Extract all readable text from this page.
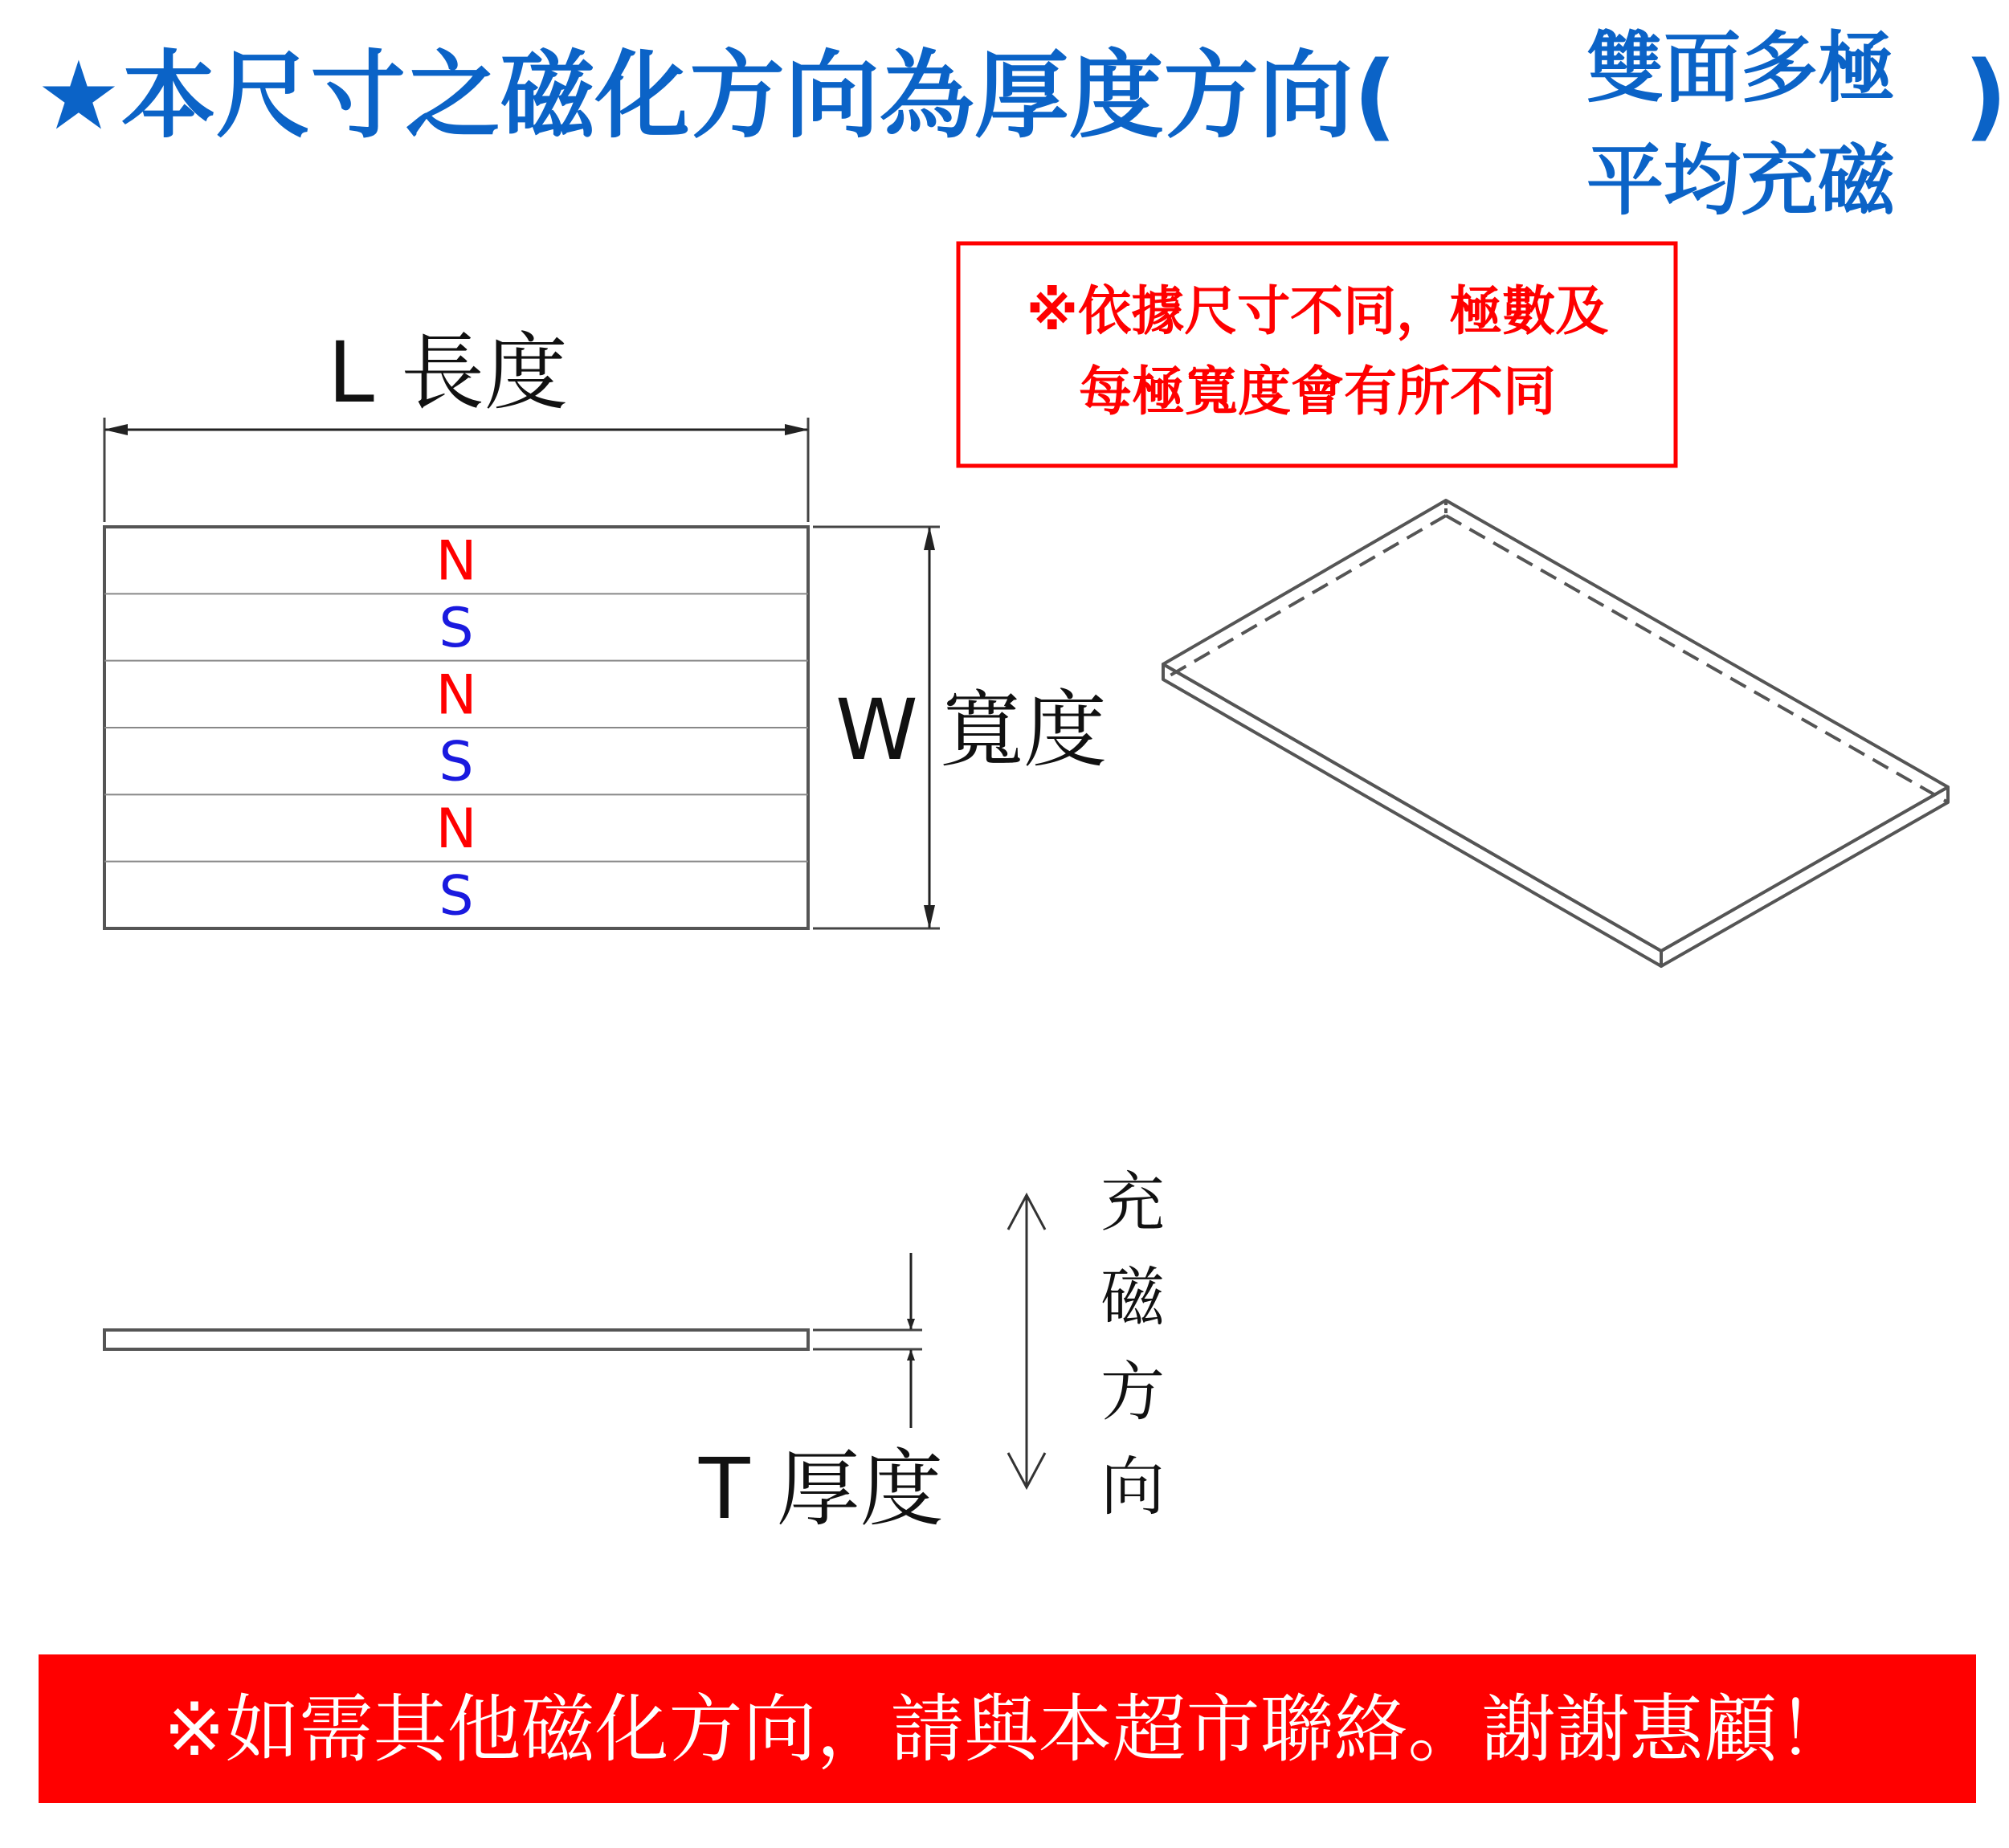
★本尺寸之磁化方向為厚度方向( 雙面多極
平均充磁
)
※依據尺寸不同，極數及
每極寬度會有所不同
L 長度
N
S
N
S
N
S
W 寬度
T 厚度
充
磁
方
向
※如需其他磁化方向，請與本超市聯絡。謝謝惠顧！
